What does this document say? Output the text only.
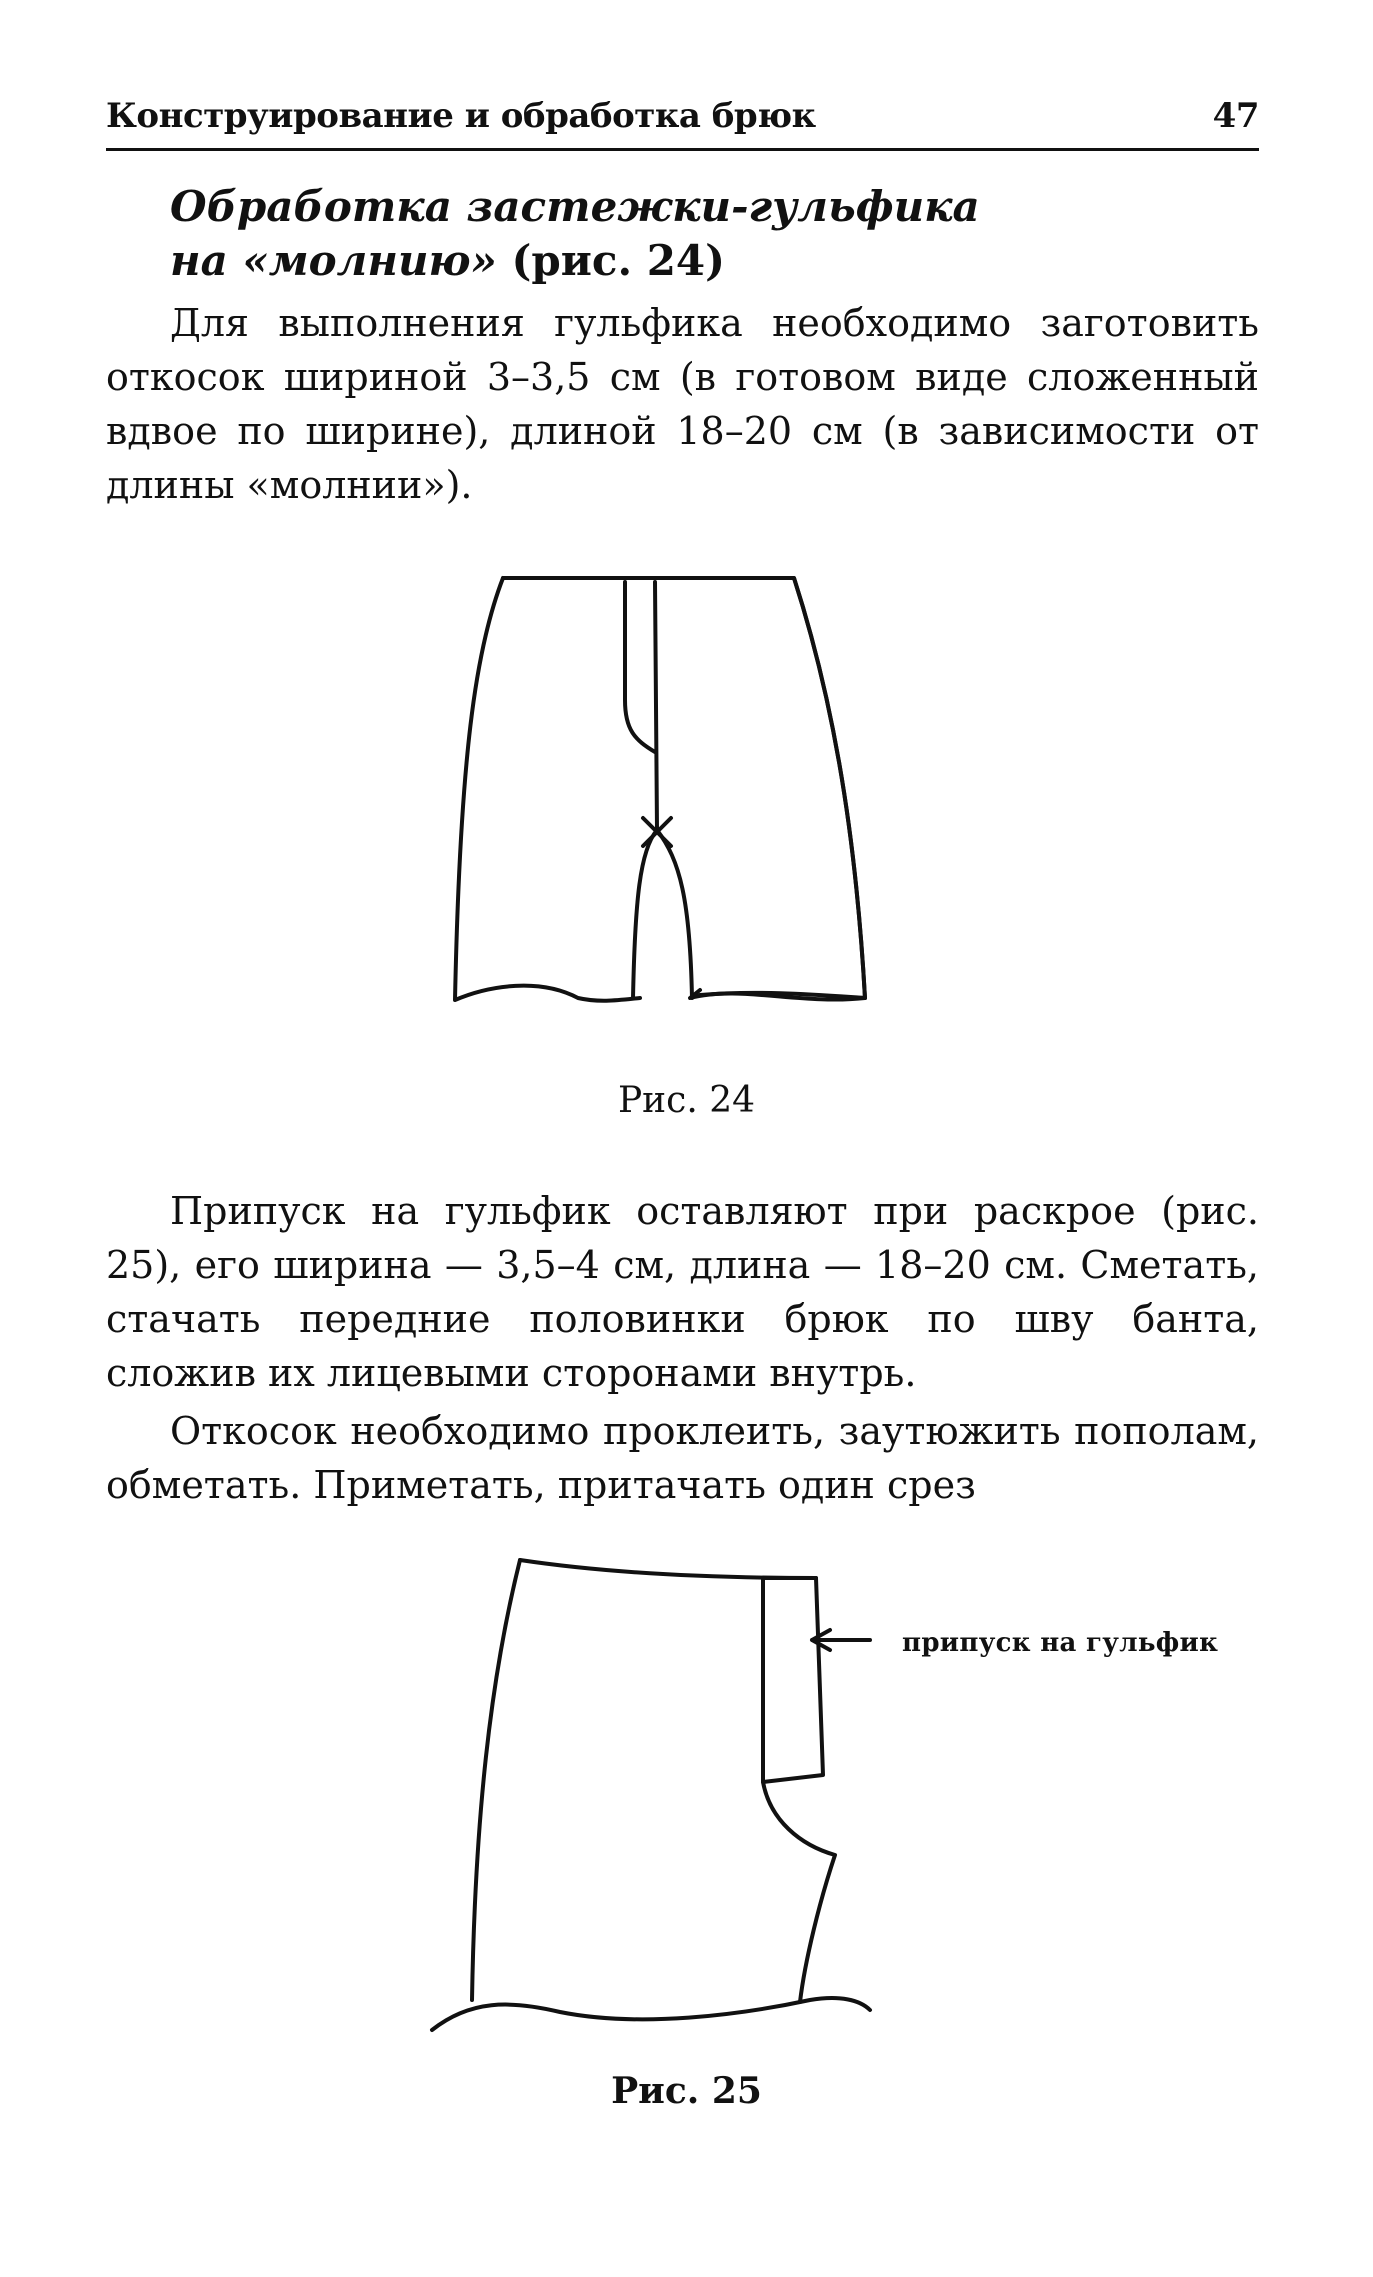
Конструирование и обработка брюк	47
Обработка застежки-гульфика
на «молнию» (рис. 24)

Для выполнения гульфика необходимо заготовить откосок шириной 3–3,5 см (в готовом виде сложенный вдвое по ширине), длиной 18–20 см (в зависимости от длины «молнии»).

Рис. 24

Припуск на гульфик оставляют при раскрое (рис. 25), его ширина — 3,5–4 см, длина — 18–20 см. Сметать, стачать передние половинки брюк по шву банта, сложив их лицевыми сторонами внутрь.

Откосок необходимо проклеить, заутюжить пополам, обметать. Приметать, притачать один срез

припуск на гульфик
Рис. 25
